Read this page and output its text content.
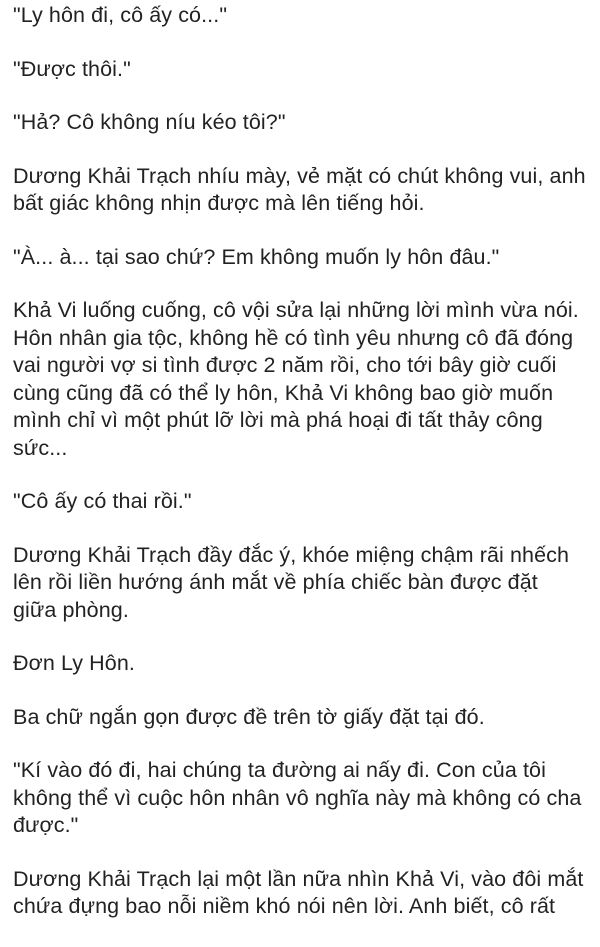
"Ly hôn đi, cô ấy có..."

"Được thôi."

"Hả? Cô không níu kéo tôi?"

Dương Khải Trạch nhíu mày, vẻ mặt có chút không vui, anh
bất giác không nhịn được mà lên tiếng hỏi.

"À... à... tại sao chứ? Em không muốn ly hôn đâu."

Khả Vi luống cuống, cô vội sửa lại những lời mình vừa nói.
Hôn nhân gia tộc, không hề có tình yêu nhưng cô đã đóng
vai người vợ si tình được 2 năm rồi, cho tới bây giờ cuối
cùng cũng đã có thể ly hôn, Khả Vi không bao giờ muốn
mình chỉ vì một phút lỡ lời mà phá hoại đi tất thảy công
sức...

"Cô ấy có thai rồi."

Dương Khải Trạch đầy đắc ý, khóe miệng chậm rãi nhếch
lên rồi liền hướng ánh mắt về phía chiếc bàn được đặt
giữa phòng.

Đơn Ly Hôn.

Ba chữ ngắn gọn được đề trên tờ giấy đặt tại đó.

"Kí vào đó đi, hai chúng ta đường ai nấy đi. Con của tôi
không thể vì cuộc hôn nhân vô nghĩa này mà không có cha
được."

Dương Khải Trạch lại một lần nữa nhìn Khả Vi, vào đôi mắt
chứa đựng bao nỗi niềm khó nói nên lời. Anh biết, cô rất
